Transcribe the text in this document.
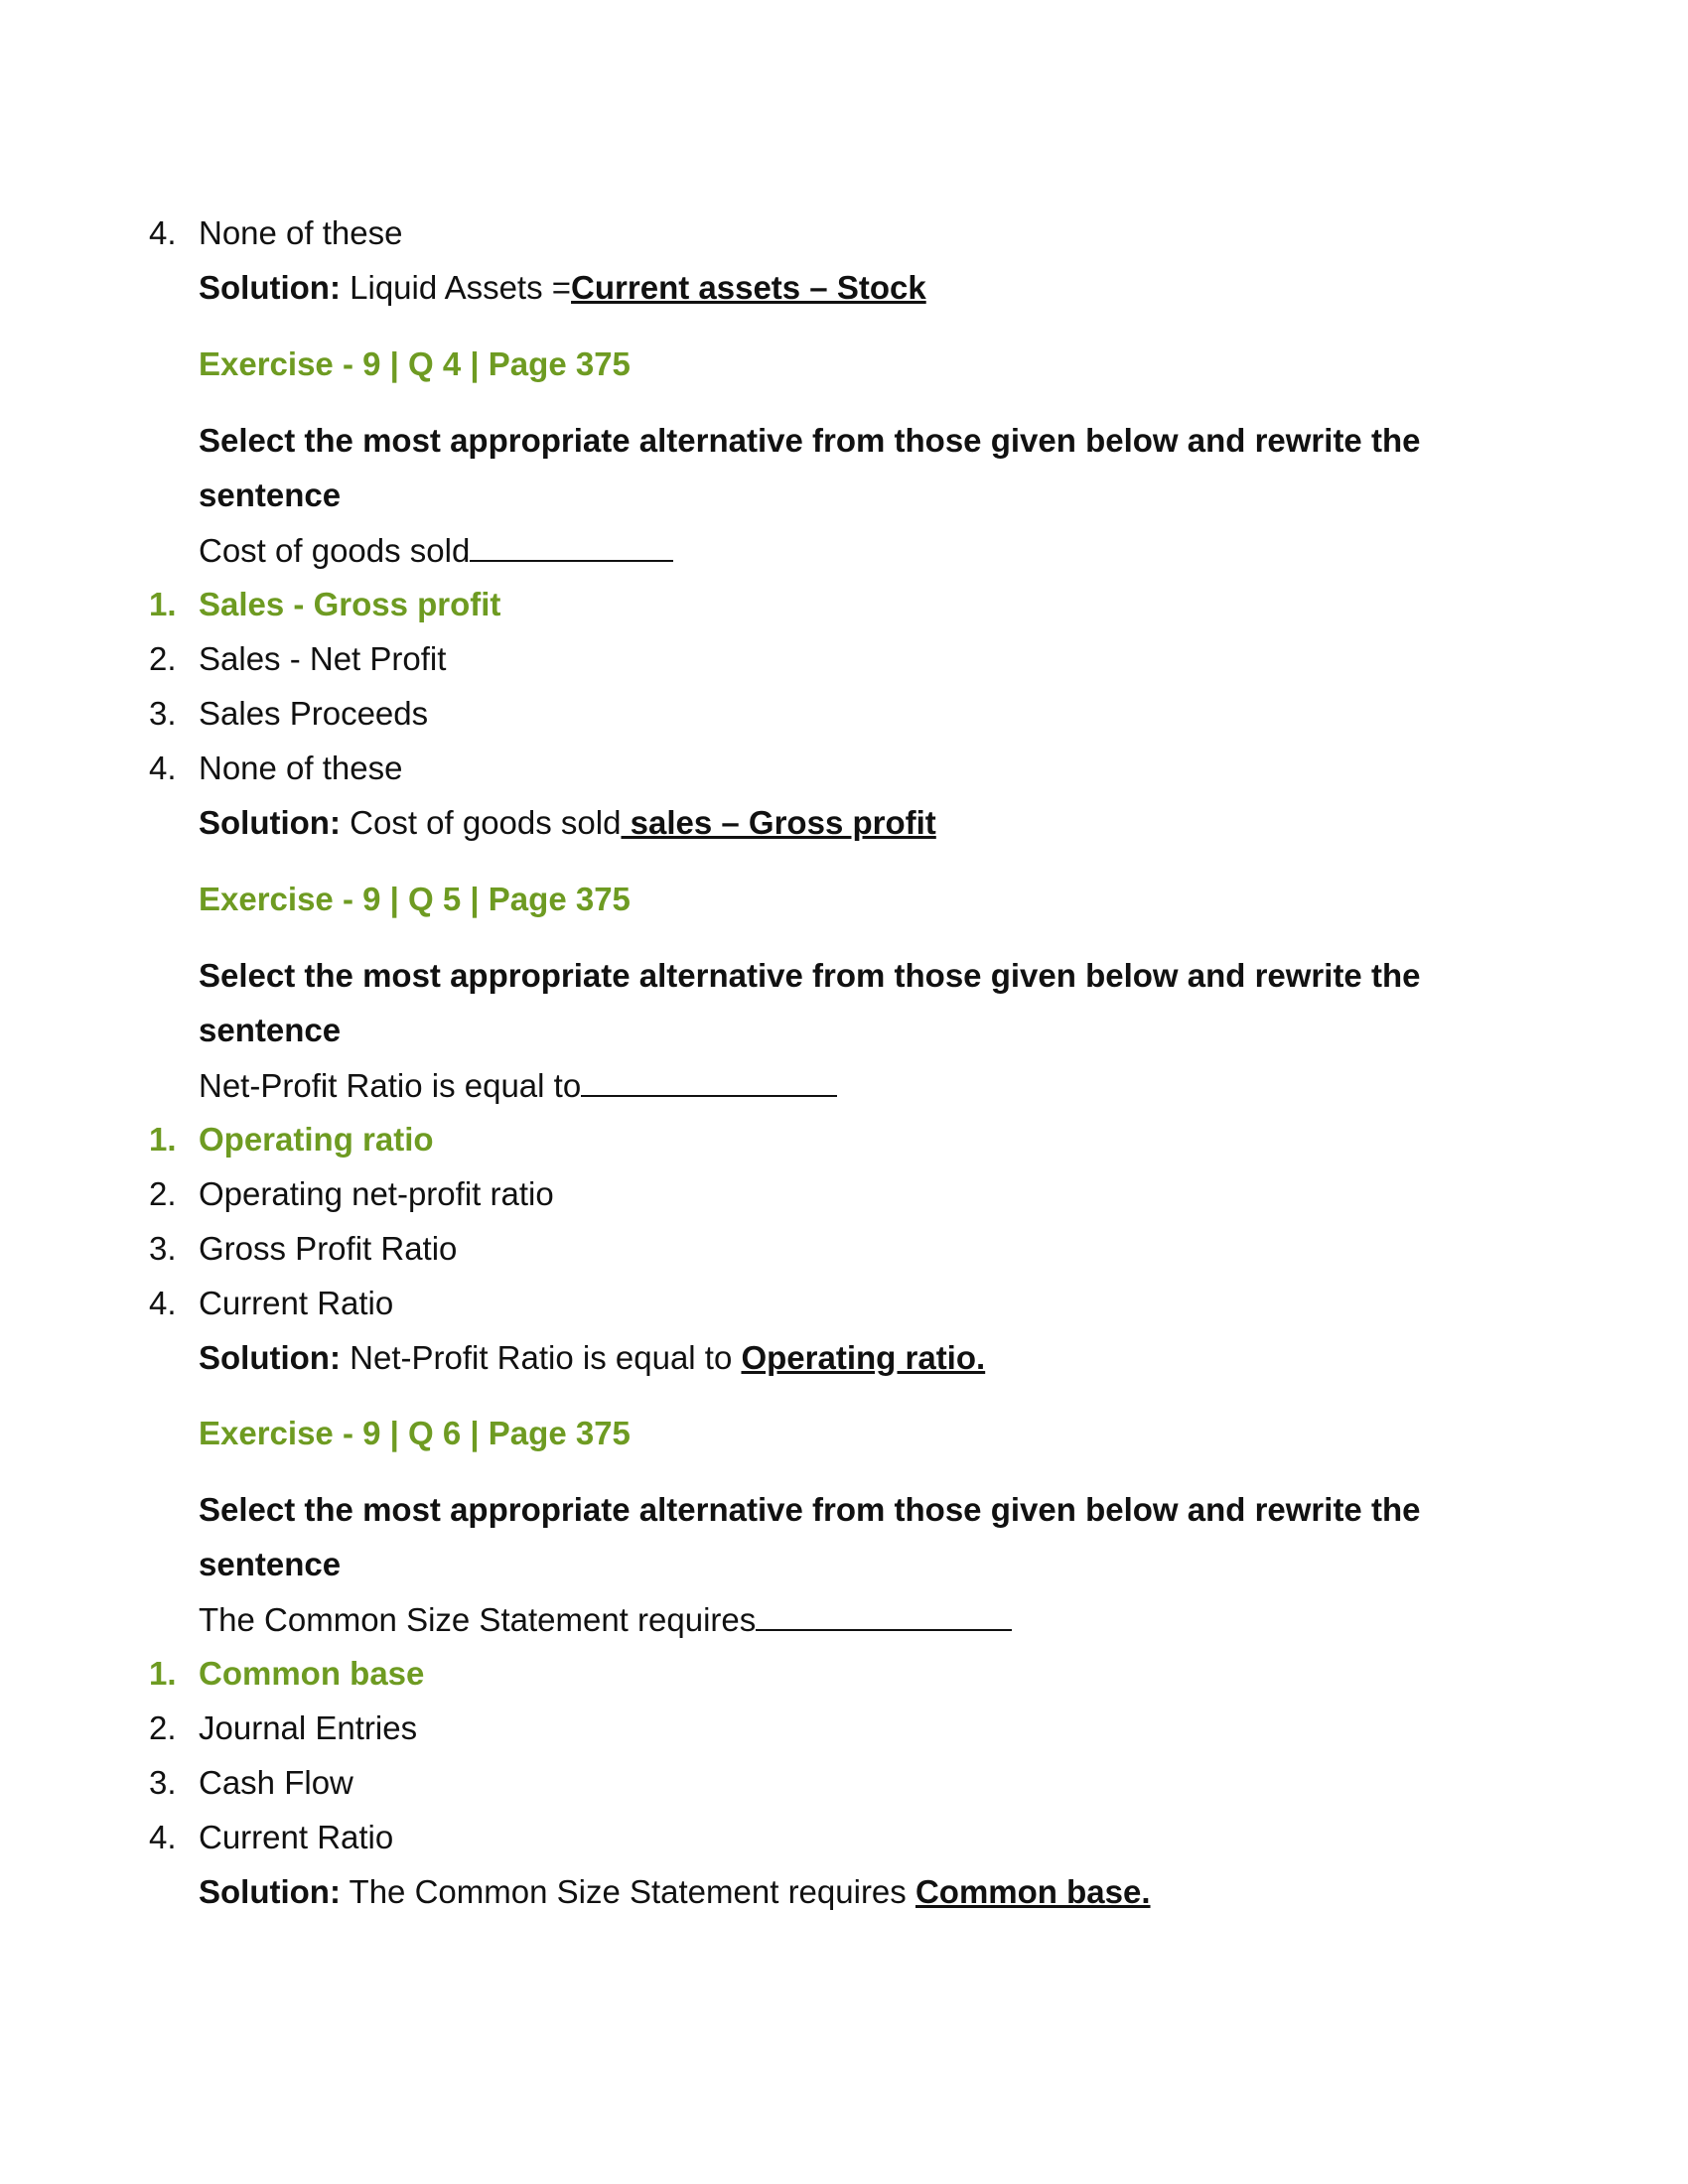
4. None of these
Solution: Liquid Assets =Current assets – Stock
Exercise - 9 | Q 4 | Page 375
Select the most appropriate alternative from those given below and rewrite the
sentence
Cost of goods sold
1. Sales - Gross profit
2. Sales - Net Profit
3. Sales Proceeds
4. None of these
Solution: Cost of goods sold sales – Gross profit
Exercise - 9 | Q 5 | Page 375
Select the most appropriate alternative from those given below and rewrite the
sentence
Net-Profit Ratio is equal to
1. Operating ratio
2. Operating net-profit ratio
3. Gross Profit Ratio
4. Current Ratio
Solution: Net-Profit Ratio is equal to Operating ratio.
Exercise - 9 | Q 6 | Page 375
Select the most appropriate alternative from those given below and rewrite the
sentence
The Common Size Statement requires
1. Common base
2. Journal Entries
3. Cash Flow
4. Current Ratio
Solution: The Common Size Statement requires Common base.
